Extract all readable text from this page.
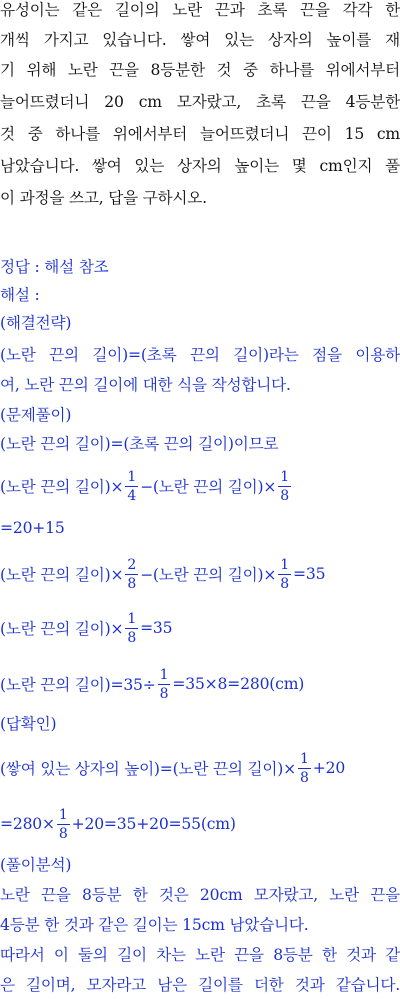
유성이는 같은 길이의 노란 끈과 초록 끈을 각각 한
개씩 가지고 있습니다. 쌓여 있는 상자의 높이를 재
기 위해 노란 끈을 8등분한 것 중 하나를 위에서부터
늘어뜨렸더니 20 cm 모자랐고, 초록 끈을 4등분한
것 중 하나를 위에서부터 늘어뜨렸더니 끈이 15 cm
남았습니다. 쌓여 있는 상자의 높이는 몇 cm인지 풀
이 과정을 쓰고, 답을 구하시오.
정답 : 해설 참조
해설 :
(해결전략)
(노란 끈의 길이)=(초록 끈의 길이)라는 점을 이용하
여, 노란 끈의 길이에 대한 식을 작성합니다.
(문제풀이)
(노란 끈의 길이)=(초록 끈의 길이)이므로
(노란 끈의 길이)× $\frac{1}{4}$ −(노란 끈의 길이)× $\frac{1}{8}$
=20+15
(노란 끈의 길이)× $\frac{2}{8}$ −(노란 끈의 길이)× $\frac{1}{8} =35$
(노란 끈의 길이)× $\frac{1}{8} =35$
(노란 끈의 길이)$=35\div \frac{1}{8} =35\times 8=280(cm)$
(답확인)
(쌓여 있는 상자의 높이)=(노란 끈의 길이)× $\frac{1}{8} +20$
$=280\times \frac{1}{8} +20=35+20=55(cm)$
(풀이분석)
노란 끈을 8등분 한 것은 20cm 모자랐고, 노란 끈을
4등분 한 것과 같은 길이는 15cm 남았습니다.
따라서 이 둘의 길이 차는 노란 끈을 8등분 한 것과 같
은 길이며, 모자라고 남은 길이를 더한 것과 같습니다.
